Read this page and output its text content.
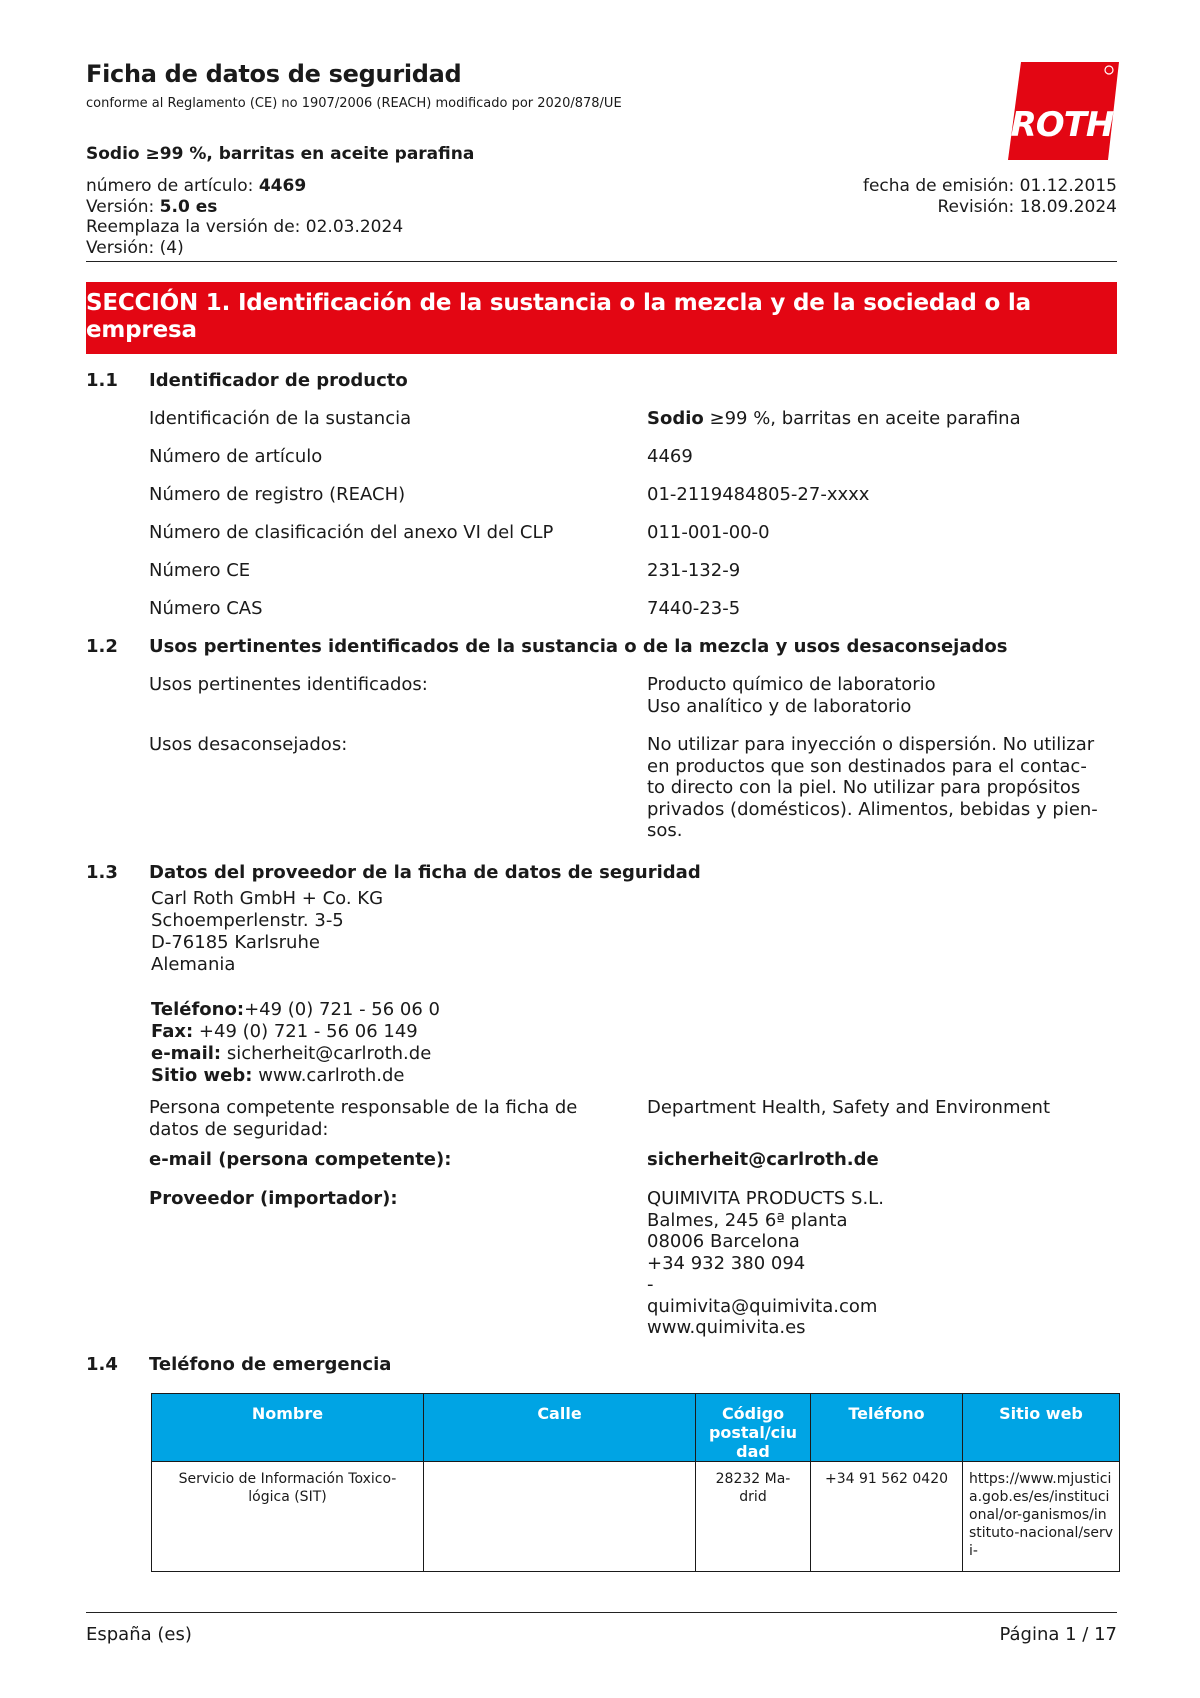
Ficha de datos de seguridad
conforme al Reglamento (CE) no 1907/2006 (REACH) modificado por 2020/878/UE
ROTH
Sodio ≥99 %, barritas en aceite parafina
número de artículo: 4469
Versión: 5.0 es
Reemplaza la versión de: 02.03.2024
Versión: (4)
fecha de emisión: 01.12.2015
Revisión: 18.09.2024
SECCIÓN 1. Identificación de la sustancia o la mezcla y de la sociedad o la empresa
1.1 Identificador de producto
Identificación de la sustancia	Sodio ≥99 %, barritas en aceite parafina
Número de artículo	4469
Número de registro (REACH)	01-2119484805-27-xxxx
Número de clasificación del anexo VI del CLP	011-001-00-0
Número CE	231-132-9
Número CAS	7440-23-5
1.2 Usos pertinentes identificados de la sustancia o de la mezcla y usos desaconsejados
Usos pertinentes identificados:	Producto químico de laboratorio
Uso analítico y de laboratorio
Usos desaconsejados:	No utilizar para inyección o dispersión. No utilizar
en productos que son destinados para el contac-
to directo con la piel. No utilizar para propósitos
privados (domésticos). Alimentos, bebidas y pien-
sos.
1.3 Datos del proveedor de la ficha de datos de seguridad
Carl Roth GmbH + Co. KG
Schoemperlenstr. 3-5
D-76185 Karlsruhe
Alemania
Teléfono:+49 (0) 721 - 56 06 0
Fax: +49 (0) 721 - 56 06 149
e-mail: sicherheit@carlroth.de
Sitio web: www.carlroth.de
Persona competente responsable de la ficha de
datos de seguridad:
Department Health, Safety and Environment
e-mail (persona competente):	sicherheit@carlroth.de
Proveedor (importador):	QUIMIVITA PRODUCTS S.L.
Balmes, 245 6ª planta
08006 Barcelona
+34 932 380 094
-
quimivita@quimivita.com
www.quimivita.es
1.4 Teléfono de emergencia
Nombre	Calle	Código postal/ciu dad	Teléfono	Sitio web
Servicio de Información Toxico-lógica (SIT)		28232 Ma-drid	+34 91 562 0420	https://www.mjusticia.gob.es/es/institucional/or-ganismos/instituto-nacional/servi-
España (es)	Página 1 / 17
